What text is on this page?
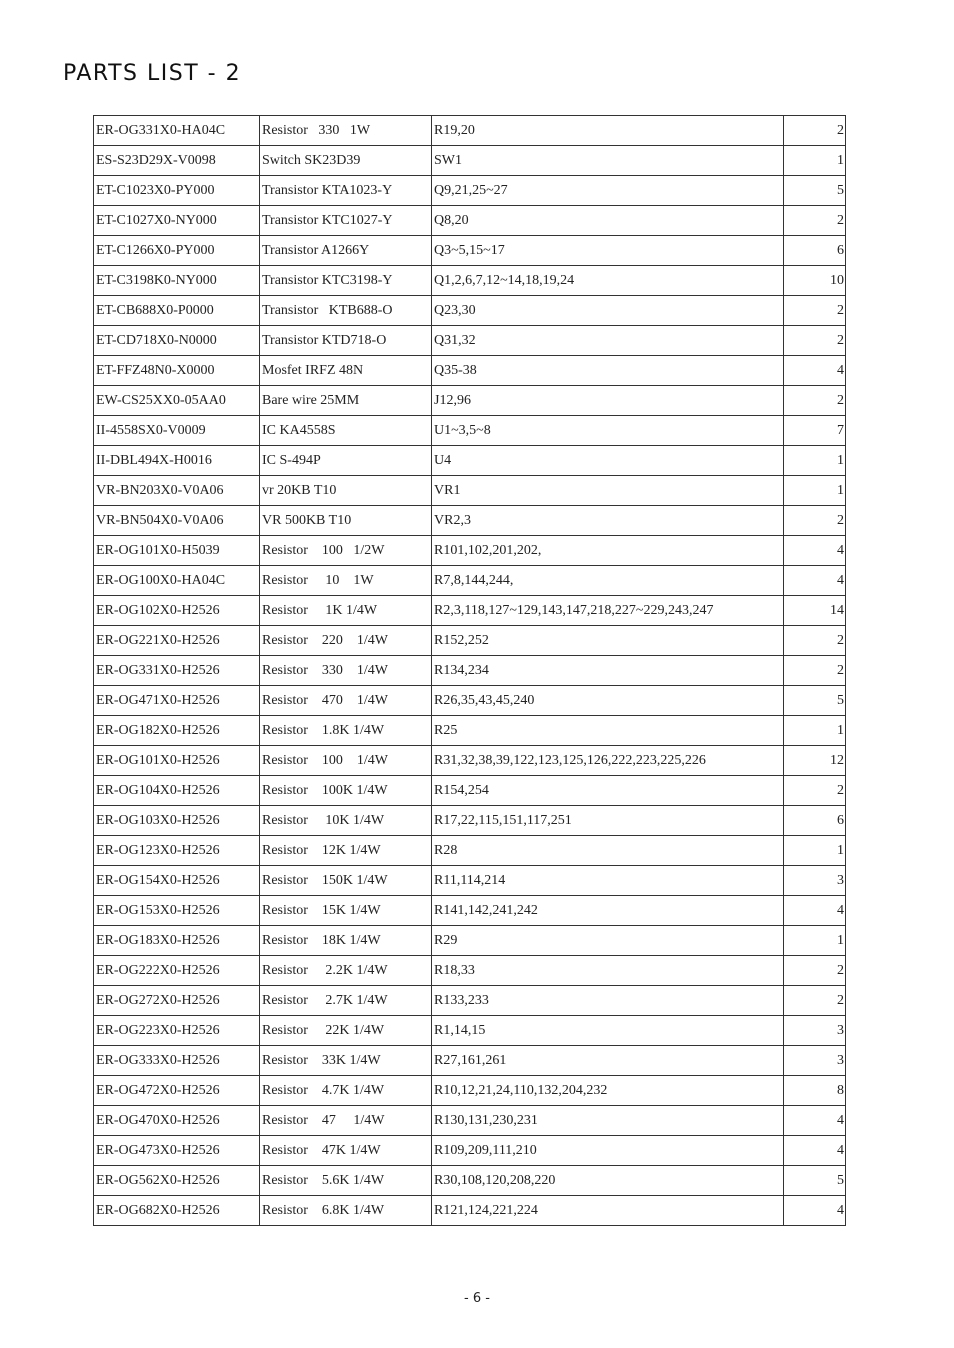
PARTS LIST - 2
ER-OG331X0-HA04C	Resistor   330   1W	R19,20	2
ES-S23D29X-V0098	Switch SK23D39	SW1	1
ET-C1023X0-PY000	Transistor KTA1023-Y	Q9,21,25~27	5
ET-C1027X0-NY000	Transistor KTC1027-Y	Q8,20	2
ET-C1266X0-PY000	Transistor A1266Y	Q3~5,15~17	6
ET-C3198K0-NY000	Transistor KTC3198-Y	Q1,2,6,7,12~14,18,19,24	10
ET-CB688X0-P0000	Transistor   KTB688-O	Q23,30	2
ET-CD718X0-N0000	Transistor KTD718-O	Q31,32	2
ET-FFZ48N0-X0000	Mosfet IRFZ 48N	Q35-38	4
EW-CS25XX0-05AA0	Bare wire 25MM	J12,96	2
II-4558SX0-V0009	IC KA4558S	U1~3,5~8	7
II-DBL494X-H0016	IC S-494P	U4	1
VR-BN203X0-V0A06	vr 20KB T10	VR1	1
VR-BN504X0-V0A06	VR 500KB T10	VR2,3	2
ER-OG101X0-H5039	Resistor    100   1/2W	R101,102,201,202,	4
ER-OG100X0-HA04C	Resistor     10    1W	R7,8,144,244,	4
ER-OG102X0-H2526	Resistor     1K 1/4W	R2,3,118,127~129,143,147,218,227~229,243,247	14
ER-OG221X0-H2526	Resistor    220    1/4W	R152,252	2
ER-OG331X0-H2526	Resistor    330    1/4W	R134,234	2
ER-OG471X0-H2526	Resistor    470    1/4W	R26,35,43,45,240	5
ER-OG182X0-H2526	Resistor    1.8K 1/4W	R25	1
ER-OG101X0-H2526	Resistor    100    1/4W	R31,32,38,39,122,123,125,126,222,223,225,226	12
ER-OG104X0-H2526	Resistor    100K 1/4W	R154,254	2
ER-OG103X0-H2526	Resistor     10K 1/4W	R17,22,115,151,117,251	6
ER-OG123X0-H2526	Resistor    12K 1/4W	R28	1
ER-OG154X0-H2526	Resistor    150K 1/4W	R11,114,214	3
ER-OG153X0-H2526	Resistor    15K 1/4W	R141,142,241,242	4
ER-OG183X0-H2526	Resistor    18K 1/4W	R29	1
ER-OG222X0-H2526	Resistor     2.2K 1/4W	R18,33	2
ER-OG272X0-H2526	Resistor     2.7K 1/4W	R133,233	2
ER-OG223X0-H2526	Resistor     22K 1/4W	R1,14,15	3
ER-OG333X0-H2526	Resistor    33K 1/4W	R27,161,261	3
ER-OG472X0-H2526	Resistor    4.7K 1/4W	R10,12,21,24,110,132,204,232	8
ER-OG470X0-H2526	Resistor    47     1/4W	R130,131,230,231	4
ER-OG473X0-H2526	Resistor    47K 1/4W	R109,209,111,210	4
ER-OG562X0-H2526	Resistor    5.6K 1/4W	R30,108,120,208,220	5
ER-OG682X0-H2526	Resistor    6.8K 1/4W	R121,124,221,224	4
- 6 -
